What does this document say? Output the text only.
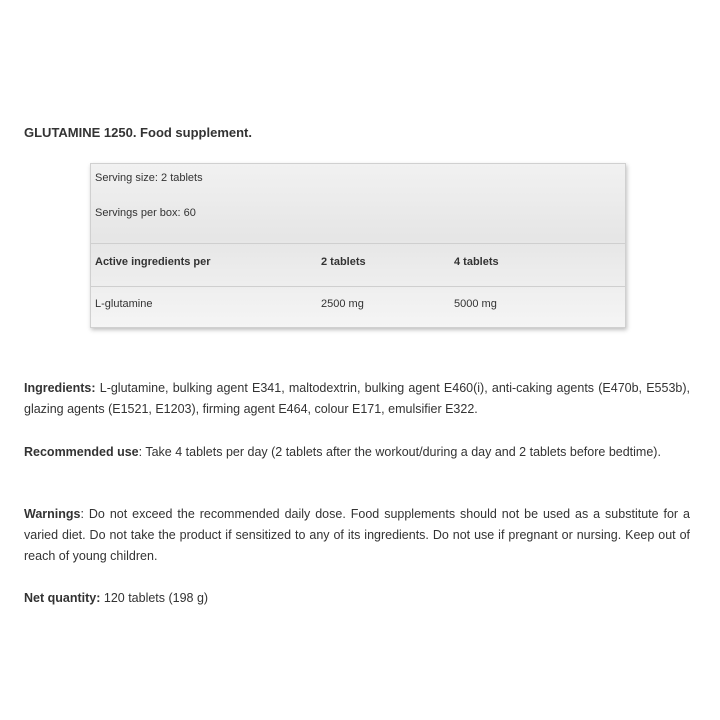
GLUTAMINE 1250. Food supplement.
Serving size: 2 tablets
Servings per box: 60
Active ingredients per	2 tablets	4 tablets
L-glutamine	2500 mg	5000 mg
Ingredients: L-glutamine, bulking agent E341, maltodextrin, bulking agent E460(i), anti-caking agents (E470b, E553b), glazing agents (E1521, E1203), firming agent E464, colour E171, emulsifier E322.
Recommended use: Take 4 tablets per day (2 tablets after the workout/during a day and 2 tablets before bedtime).
Warnings: Do not exceed the recommended daily dose. Food supplements should not be used as a substitute for a varied diet. Do not take the product if sensitized to any of its ingredients. Do not use if pregnant or nursing. Keep out of reach of young children.
Net quantity: 120 tablets (198 g)
